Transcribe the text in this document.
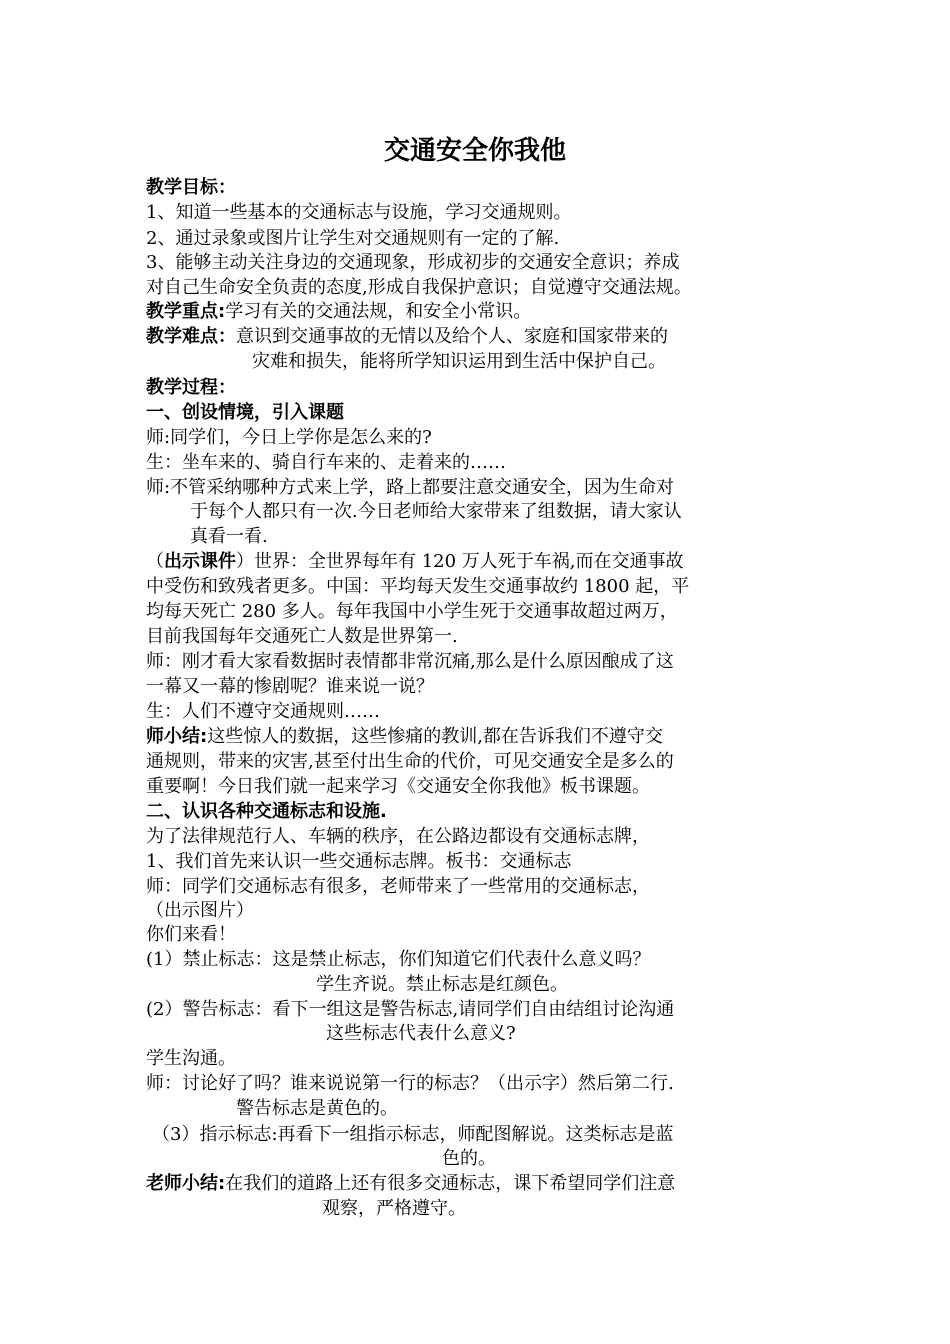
交通安全你我他
教学目标：
1、知道一些基本的交通标志与设施，学习交通规则。
2、通过录象或图片让学生对交通规则有一定的了解.
3、能够主动关注身边的交通现象，形成初步的交通安全意识；养成
对自己生命安全负责的态度,形成自我保护意识；自觉遵守交通法规。
教学重点:学习有关的交通法规，和安全小常识。
教学难点：意识到交通事故的无情以及给个人、家庭和国家带来的
灾难和损失，能将所学知识运用到生活中保护自己。
教学过程：
一、创设情境，引入课题
师:同学们，今日上学你是怎么来的?
生：坐车来的、骑自行车来的、走着来的……
师:不管采纳哪种方式来上学，路上都要注意交通安全，因为生命对
于每个人都只有一次.今日老师给大家带来了组数据，请大家认
真看一看.
（出示课件）世界：全世界每年有 120 万人死于车祸,而在交通事故
中受伤和致残者更多。中国：平均每天发生交通事故约 1800 起，平
均每天死亡 280 多人。每年我国中小学生死于交通事故超过两万，
目前我国每年交通死亡人数是世界第一.
师：刚才看大家看数据时表情都非常沉痛,那么是什么原因酿成了这
一幕又一幕的惨剧呢？谁来说一说？
生：人们不遵守交通规则……
师小结:这些惊人的数据，这些惨痛的教训,都在告诉我们不遵守交
通规则，带来的灾害,甚至付出生命的代价，可见交通安全是多么的
重要啊！今日我们就一起来学习《交通安全你我他》板书课题。
二、认识各种交通标志和设施.
为了法律规范行人、车辆的秩序，在公路边都设有交通标志牌，
1、我们首先来认识一些交通标志牌。板书：交通标志
师：同学们交通标志有很多，老师带来了一些常用的交通标志，
（出示图片）
你们来看！
(1）禁止标志：这是禁止标志，你们知道它们代表什么意义吗？
学生齐说。禁止标志是红颜色。
(2）警告标志：看下一组这是警告标志,请同学们自由结组讨论沟通
这些标志代表什么意义?
学生沟通。
师：讨论好了吗？谁来说说第一行的标志？（出示字）然后第二行.
警告标志是黄色的。
（3）指示标志:再看下一组指示标志，师配图解说。这类标志是蓝
色的。
老师小结:在我们的道路上还有很多交通标志，课下希望同学们注意
观察，严格遵守。
